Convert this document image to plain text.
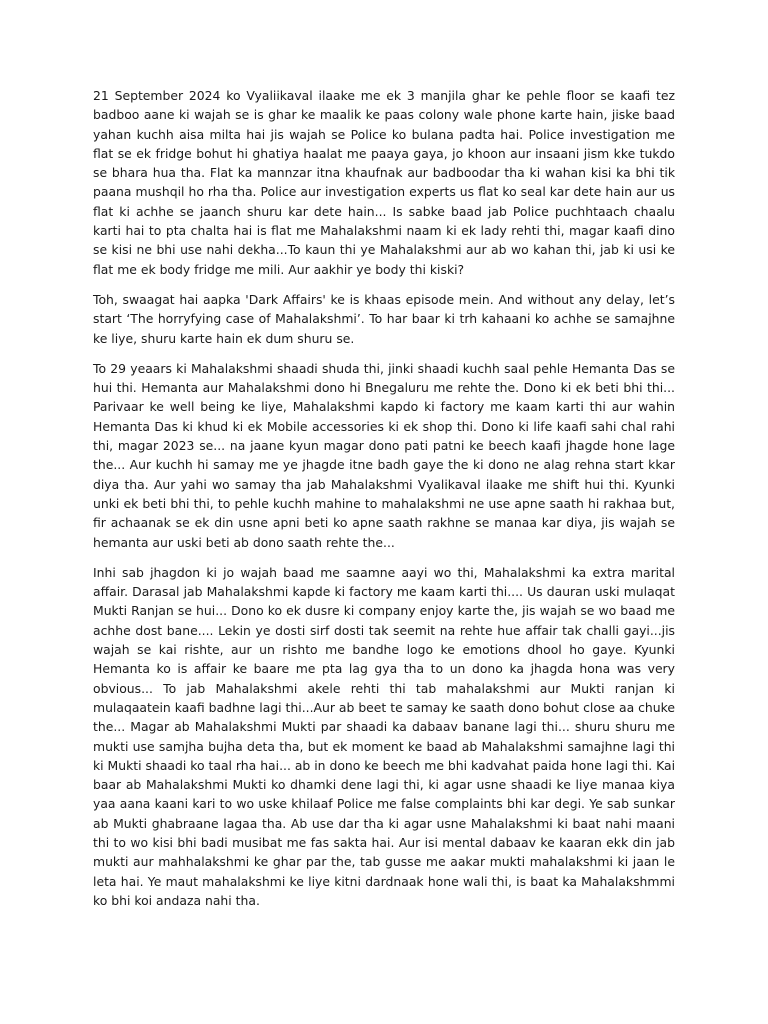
21 September 2024 ko Vyaliikaval ilaake me ek 3 manjila ghar ke pehle floor se kaafi tez badboo aane ki wajah se is ghar ke maalik ke paas colony wale phone karte hain, jiske baad yahan kuchh aisa milta hai jis wajah se Police ko bulana padta hai. Police investigation me flat se ek fridge bohut hi ghatiya haalat me paaya gaya, jo khoon aur insaani jism kke tukdo se bhara hua tha. Flat ka mannzar itna khaufnak aur badboodar tha ki wahan kisi ka bhi tik paana mushqil ho rha tha. Police aur investigation experts us flat ko seal kar dete hain aur us flat ki achhe se jaanch shuru kar dete hain... Is sabke baad jab Police puchhtaach chaalu karti hai to pta chalta hai is flat me Mahalakshmi naam ki ek lady rehti thi, magar kaafi dino se kisi ne bhi use nahi dekha...To kaun thi ye Mahalakshmi aur ab wo kahan thi, jab ki usi ke flat me ek body fridge me mili. Aur aakhir ye body thi kiski?

Toh, swaagat hai aapka 'Dark Affairs' ke is khaas episode mein. And without any delay, let’s start ‘The horryfying case of Mahalakshmi’. To har baar ki trh kahaani ko achhe se samajhne ke liye, shuru karte hain ek dum shuru se.

To 29 yeaars ki Mahalakshmi shaadi shuda thi, jinki shaadi kuchh saal pehle Hemanta Das se hui thi. Hemanta aur Mahalakshmi dono hi Bnegaluru me rehte the. Dono ki ek beti bhi thi... Parivaar ke well being ke liye, Mahalakshmi kapdo ki factory me kaam karti thi aur wahin Hemanta Das ki khud ki ek Mobile accessories ki ek shop thi. Dono ki life kaafi sahi chal rahi thi, magar 2023 se... na jaane kyun magar dono pati patni ke beech kaafi jhagde hone lage the... Aur kuchh hi samay me ye jhagde itne badh gaye the ki dono ne alag rehna start kkar diya tha. Aur yahi wo samay tha jab Mahalakshmi Vyalikaval ilaake me shift hui thi. Kyunki unki ek beti bhi thi, to pehle kuchh mahine to mahalakshmi ne use apne saath hi rakhaa but, fir achaanak se ek din usne apni beti ko apne saath rakhne se manaa kar diya, jis wajah se hemanta aur uski beti ab dono saath rehte the...

Inhi sab jhagdon ki jo wajah baad me saamne aayi wo thi, Mahalakshmi ka extra marital affair. Darasal jab Mahalakshmi kapde ki factory me kaam karti thi.... Us dauran uski mulaqat Mukti Ranjan se hui... Dono ko ek dusre ki company enjoy karte the, jis wajah se wo baad me achhe dost bane.... Lekin ye dosti sirf dosti tak seemit na rehte hue affair tak challi gayi...jis wajah se kai rishte, aur un rishto me bandhe logo ke emotions dhool ho gaye. Kyunki Hemanta ko is affair ke baare me pta lag gya tha to un dono ka jhagda hona was very obvious... To jab Mahalakshmi akele rehti thi tab mahalakshmi aur Mukti ranjan ki mulaqaatein kaafi badhne lagi thi...Aur ab beet te samay ke saath dono bohut close aa chuke the... Magar ab Mahalakshmi Mukti par shaadi ka dabaav banane lagi thi... shuru shuru me mukti use samjha bujha deta tha, but ek moment ke baad ab Mahalakshmi samajhne lagi thi ki Mukti shaadi ko taal rha hai... ab in dono ke beech me bhi kadvahat paida hone lagi thi. Kai baar ab Mahalakshmi Mukti ko dhamki dene lagi thi, ki agar usne shaadi ke liye manaa kiya yaa aana kaani kari to wo uske khilaaf Police me false complaints bhi kar degi. Ye sab sunkar ab Mukti ghabraane lagaa tha. Ab use dar tha ki agar usne Mahalakshmi ki baat nahi maani thi to wo kisi bhi badi musibat me fas sakta hai. Aur isi mental dabaav ke kaaran ekk din jab mukti aur mahhalakshmi ke ghar par the, tab gusse me aakar mukti mahalakshmi ki jaan le leta hai. Ye maut mahalakshmi ke liye kitni dardnaak hone wali thi, is baat ka Mahalakshmmi ko bhi koi andaza nahi tha.
